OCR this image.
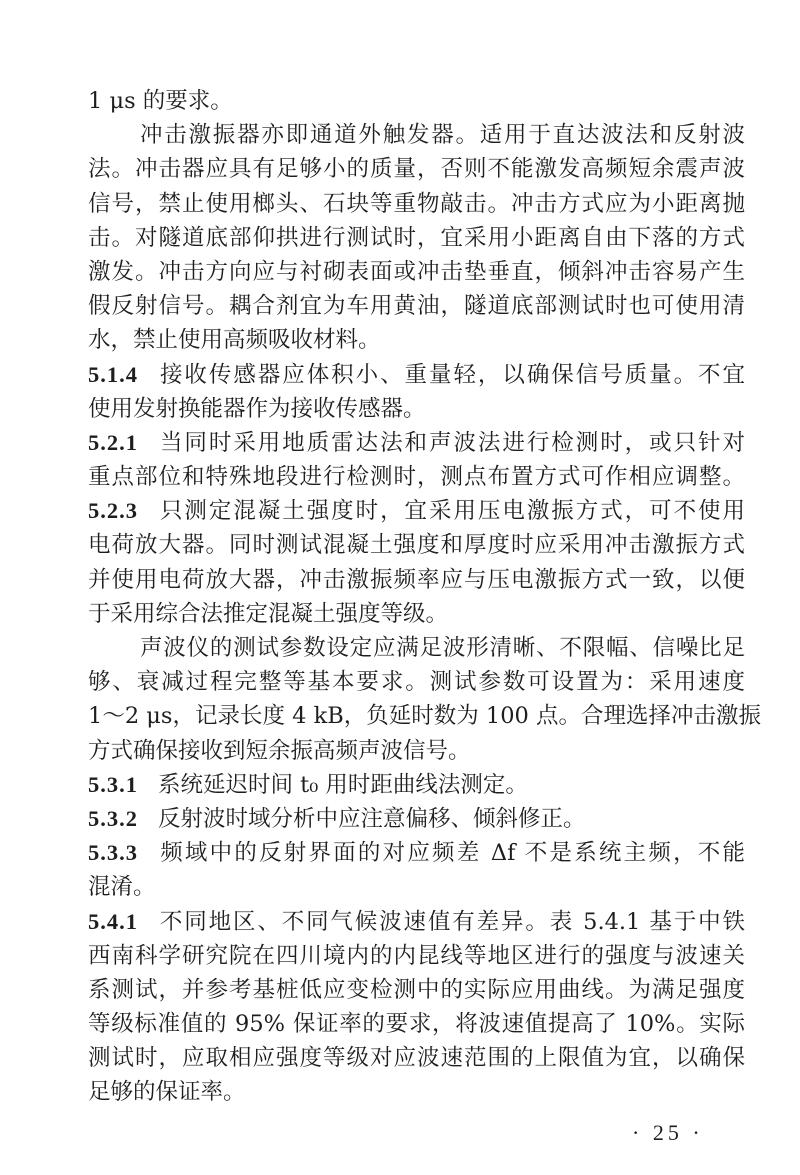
1 μs 的要求。
冲击激振器亦即通道外触发器。适用于直达波法和反射波
法。冲击器应具有足够小的质量，否则不能激发高频短余震声波
信号，禁止使用榔头、石块等重物敲击。冲击方式应为小距离抛
击。对隧道底部仰拱进行测试时，宜采用小距离自由下落的方式
激发。冲击方向应与衬砌表面或冲击垫垂直，倾斜冲击容易产生
假反射信号。耦合剂宜为车用黄油，隧道底部测试时也可使用清
水，禁止使用高频吸收材料。
5.1.4 接收传感器应体积小、重量轻，以确保信号质量。不宜
使用发射换能器作为接收传感器。
5.2.1 当同时采用地质雷达法和声波法进行检测时，或只针对
重点部位和特殊地段进行检测时，测点布置方式可作相应调整。
5.2.3 只测定混凝土强度时，宜采用压电激振方式，可不使用
电荷放大器。同时测试混凝土强度和厚度时应采用冲击激振方式
并使用电荷放大器，冲击激振频率应与压电激振方式一致，以便
于采用综合法推定混凝土强度等级。
声波仪的测试参数设定应满足波形清晰、不限幅、信噪比足
够、衰减过程完整等基本要求。测试参数可设置为：采用速度
1～2 μs，记录长度 4 kB，负延时数为 100 点。合理选择冲击激振
方式确保接收到短余振高频声波信号。
5.3.1 系统延迟时间 t₀ 用时距曲线法测定。
5.3.2 反射波时域分析中应注意偏移、倾斜修正。
5.3.3 频域中的反射界面的对应频差 Δf 不是系统主频，不能
混淆。
5.4.1 不同地区、不同气候波速值有差异。表 5.4.1 基于中铁
西南科学研究院在四川境内的内昆线等地区进行的强度与波速关
系测试，并参考基桩低应变检测中的实际应用曲线。为满足强度
等级标准值的 95% 保证率的要求，将波速值提高了 10%。实际
测试时，应取相应强度等级对应波速范围的上限值为宜，以确保
足够的保证率。
· 25 ·
